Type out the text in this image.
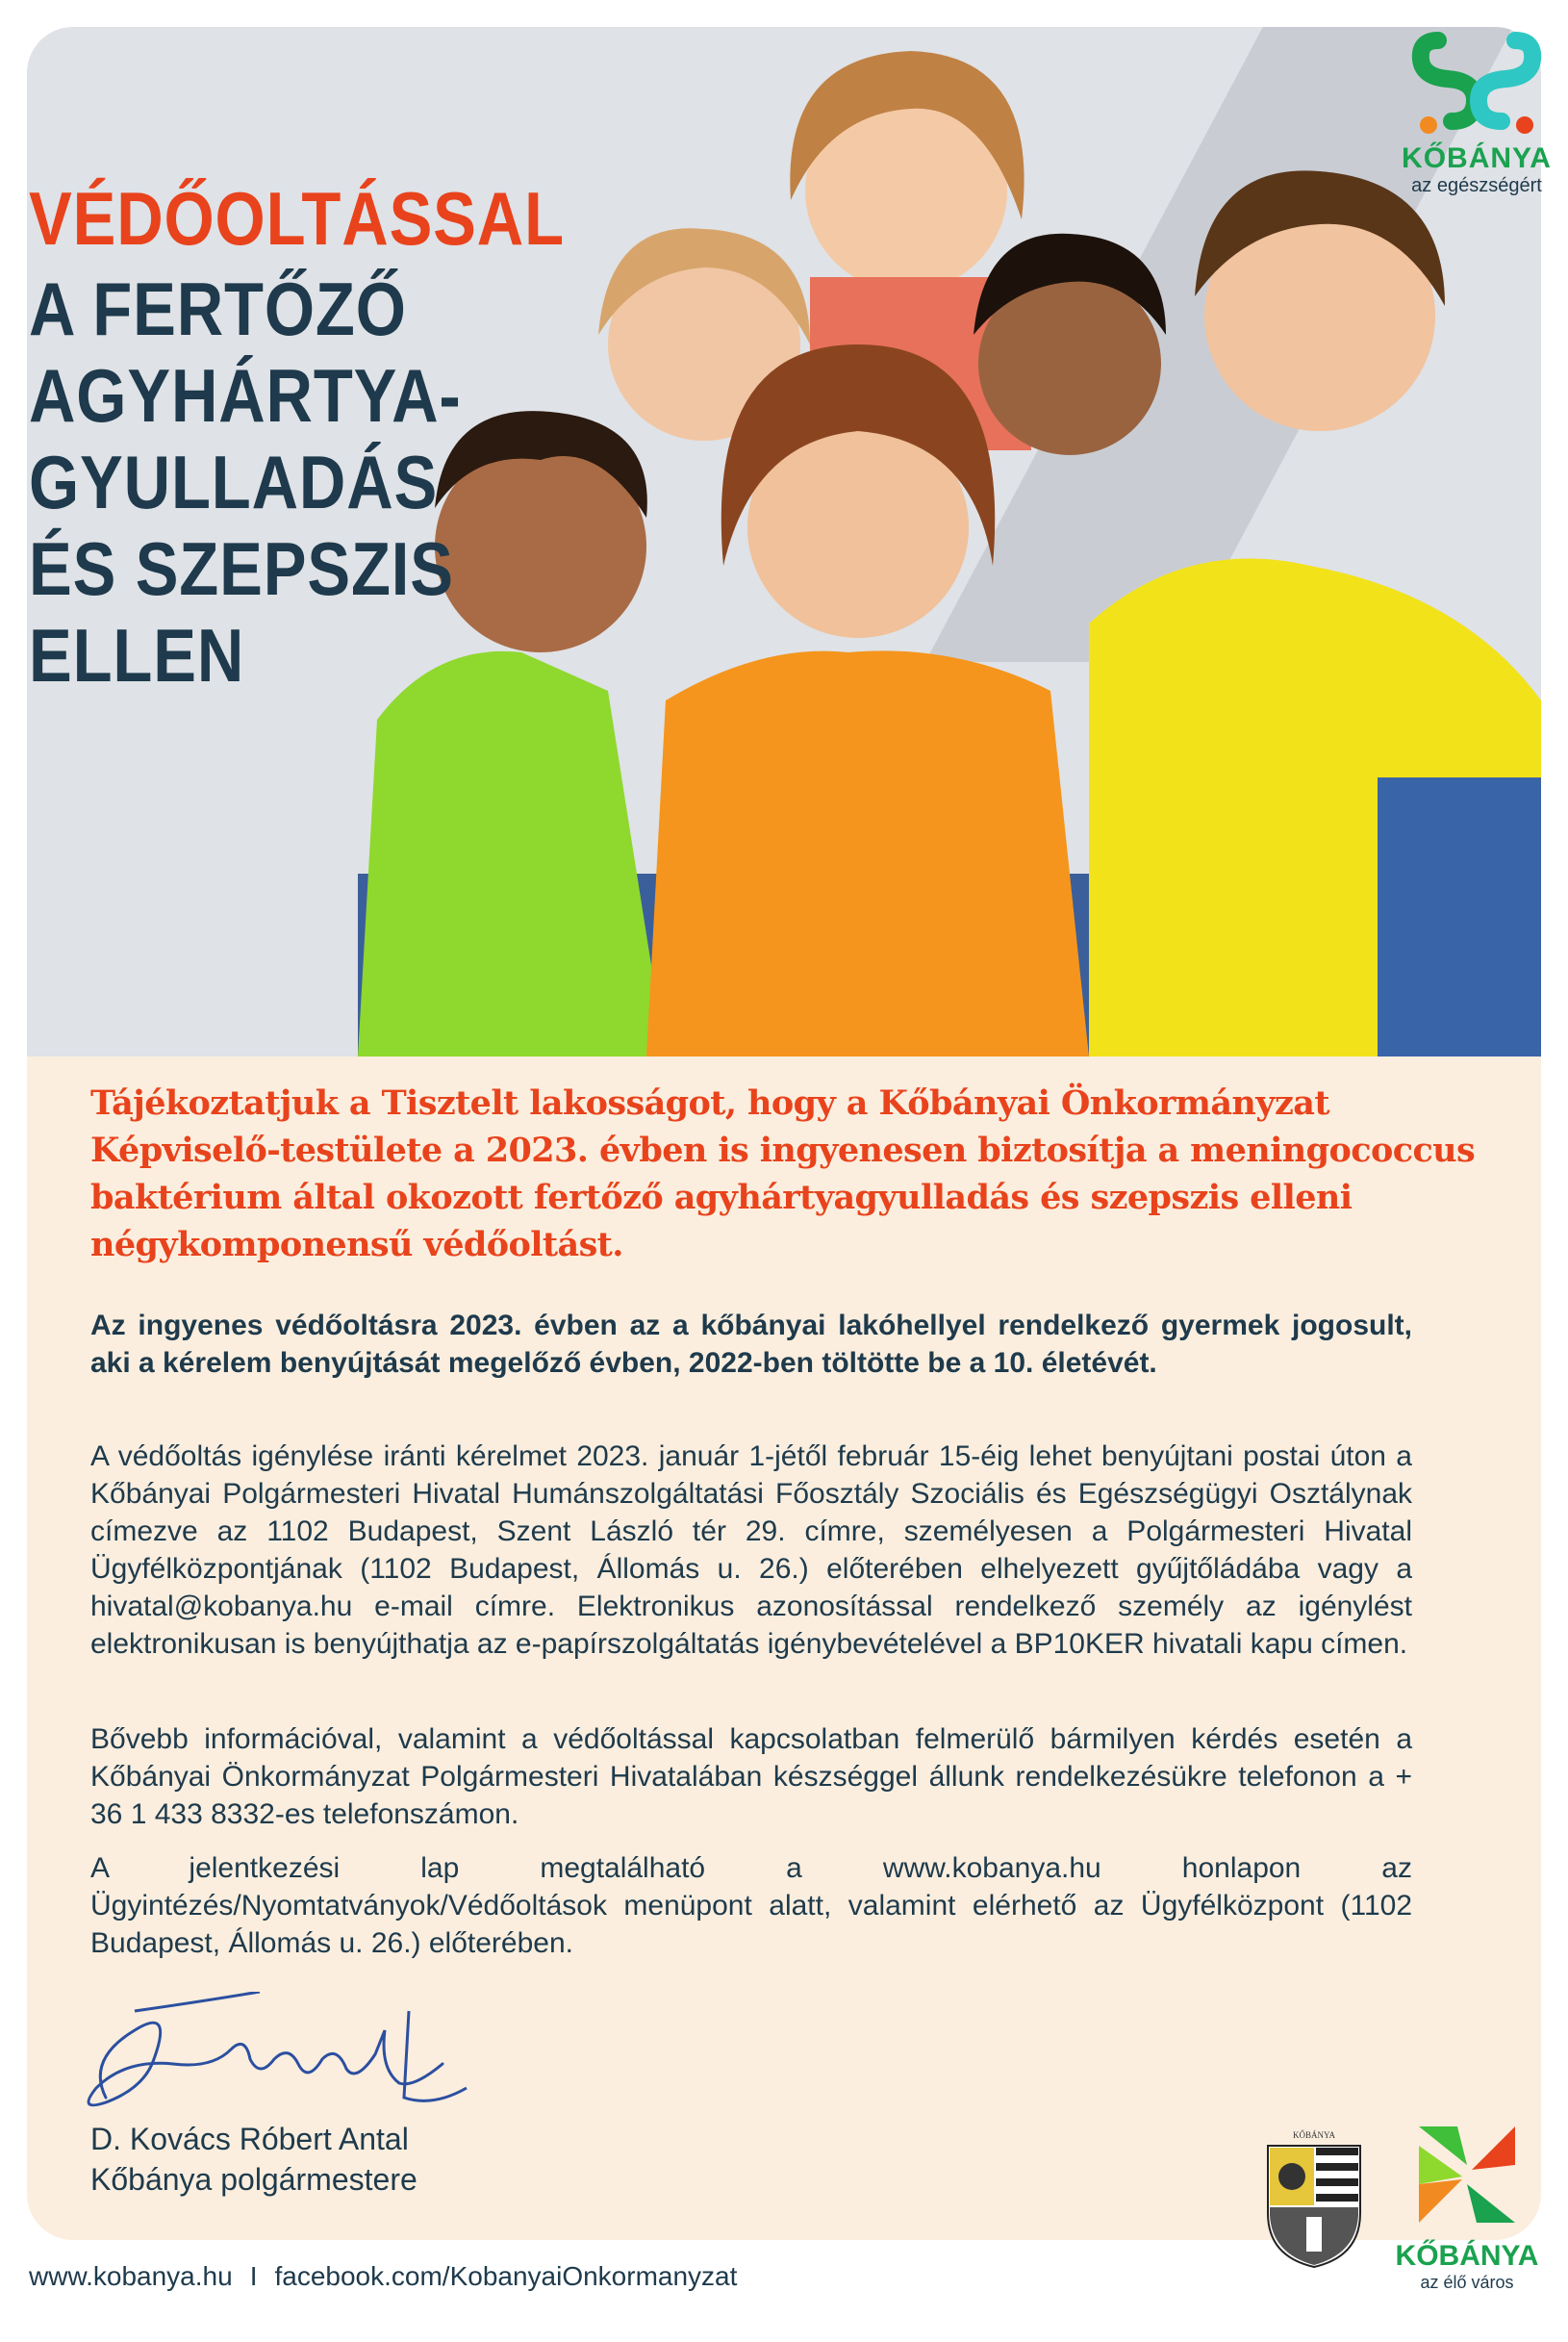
VÉDŐOLTÁSSAL
A FERTŐZŐ
AGYHÁRTYA-
GYULLADÁS
ÉS SZEPSZIS
ELLEN
KŐBÁNYA
az egészségért
Tájékoztatjuk a Tisztelt lakosságot, hogy a Kőbányai Önkormányzat Képviselő-testülete a 2023. évben is ingyenesen biztosítja a meningococcus baktérium által okozott fertőző agyhártyagyulladás és szepszis elleni négykomponensű védőoltást.
Az ingyenes védőoltásra 2023. évben az a kőbányai lakóhellyel rendelkező gyermek jogosult, aki a kérelem benyújtását megelőző évben, 2022-ben töltötte be a 10. életévét.
A védőoltás igénylése iránti kérelmet 2023. január 1-jétől február 15-éig lehet benyújtani postai úton a Kőbányai Polgármesteri Hivatal Humánszolgáltatási Főosztály Szociális és Egészségügyi Osztálynak címezve az 1102 Budapest, Szent László tér 29. címre, személyesen a Polgármesteri Hivatal Ügyfélközpontjának (1102 Budapest, Állomás u. 26.) előterében elhelyezett gyűjtőládába vagy a hivatal@kobanya.hu e-mail címre. Elektronikus azonosítással rendelkező személy az igénylést elektronikusan is benyújthatja az e-papírszolgáltatás igénybevételével a BP10KER hivatali kapu címen.
Bővebb információval, valamint a védőoltással kapcsolatban felmerülő bármilyen kérdés esetén a Kőbányai Önkormányzat Polgármesteri Hivatalában készséggel állunk rendelkezésükre telefonon a + 36 1 433 8332-es telefonszámon.
A jelentkezési lap megtalálható a www.kobanya.hu honlapon az Ügyintézés/Nyomtatványok/Védőoltások menüpont alatt, valamint elérhető az Ügyfélközpont (1102 Budapest, Állomás u. 26.) előterében.
D. Kovács Róbert Antal
Kőbánya polgármestere
KŐBÁNYA
KŐBÁNYA
az élő város
www.kobanya.hu I facebook.com/KobanyaiOnkormanyzat
